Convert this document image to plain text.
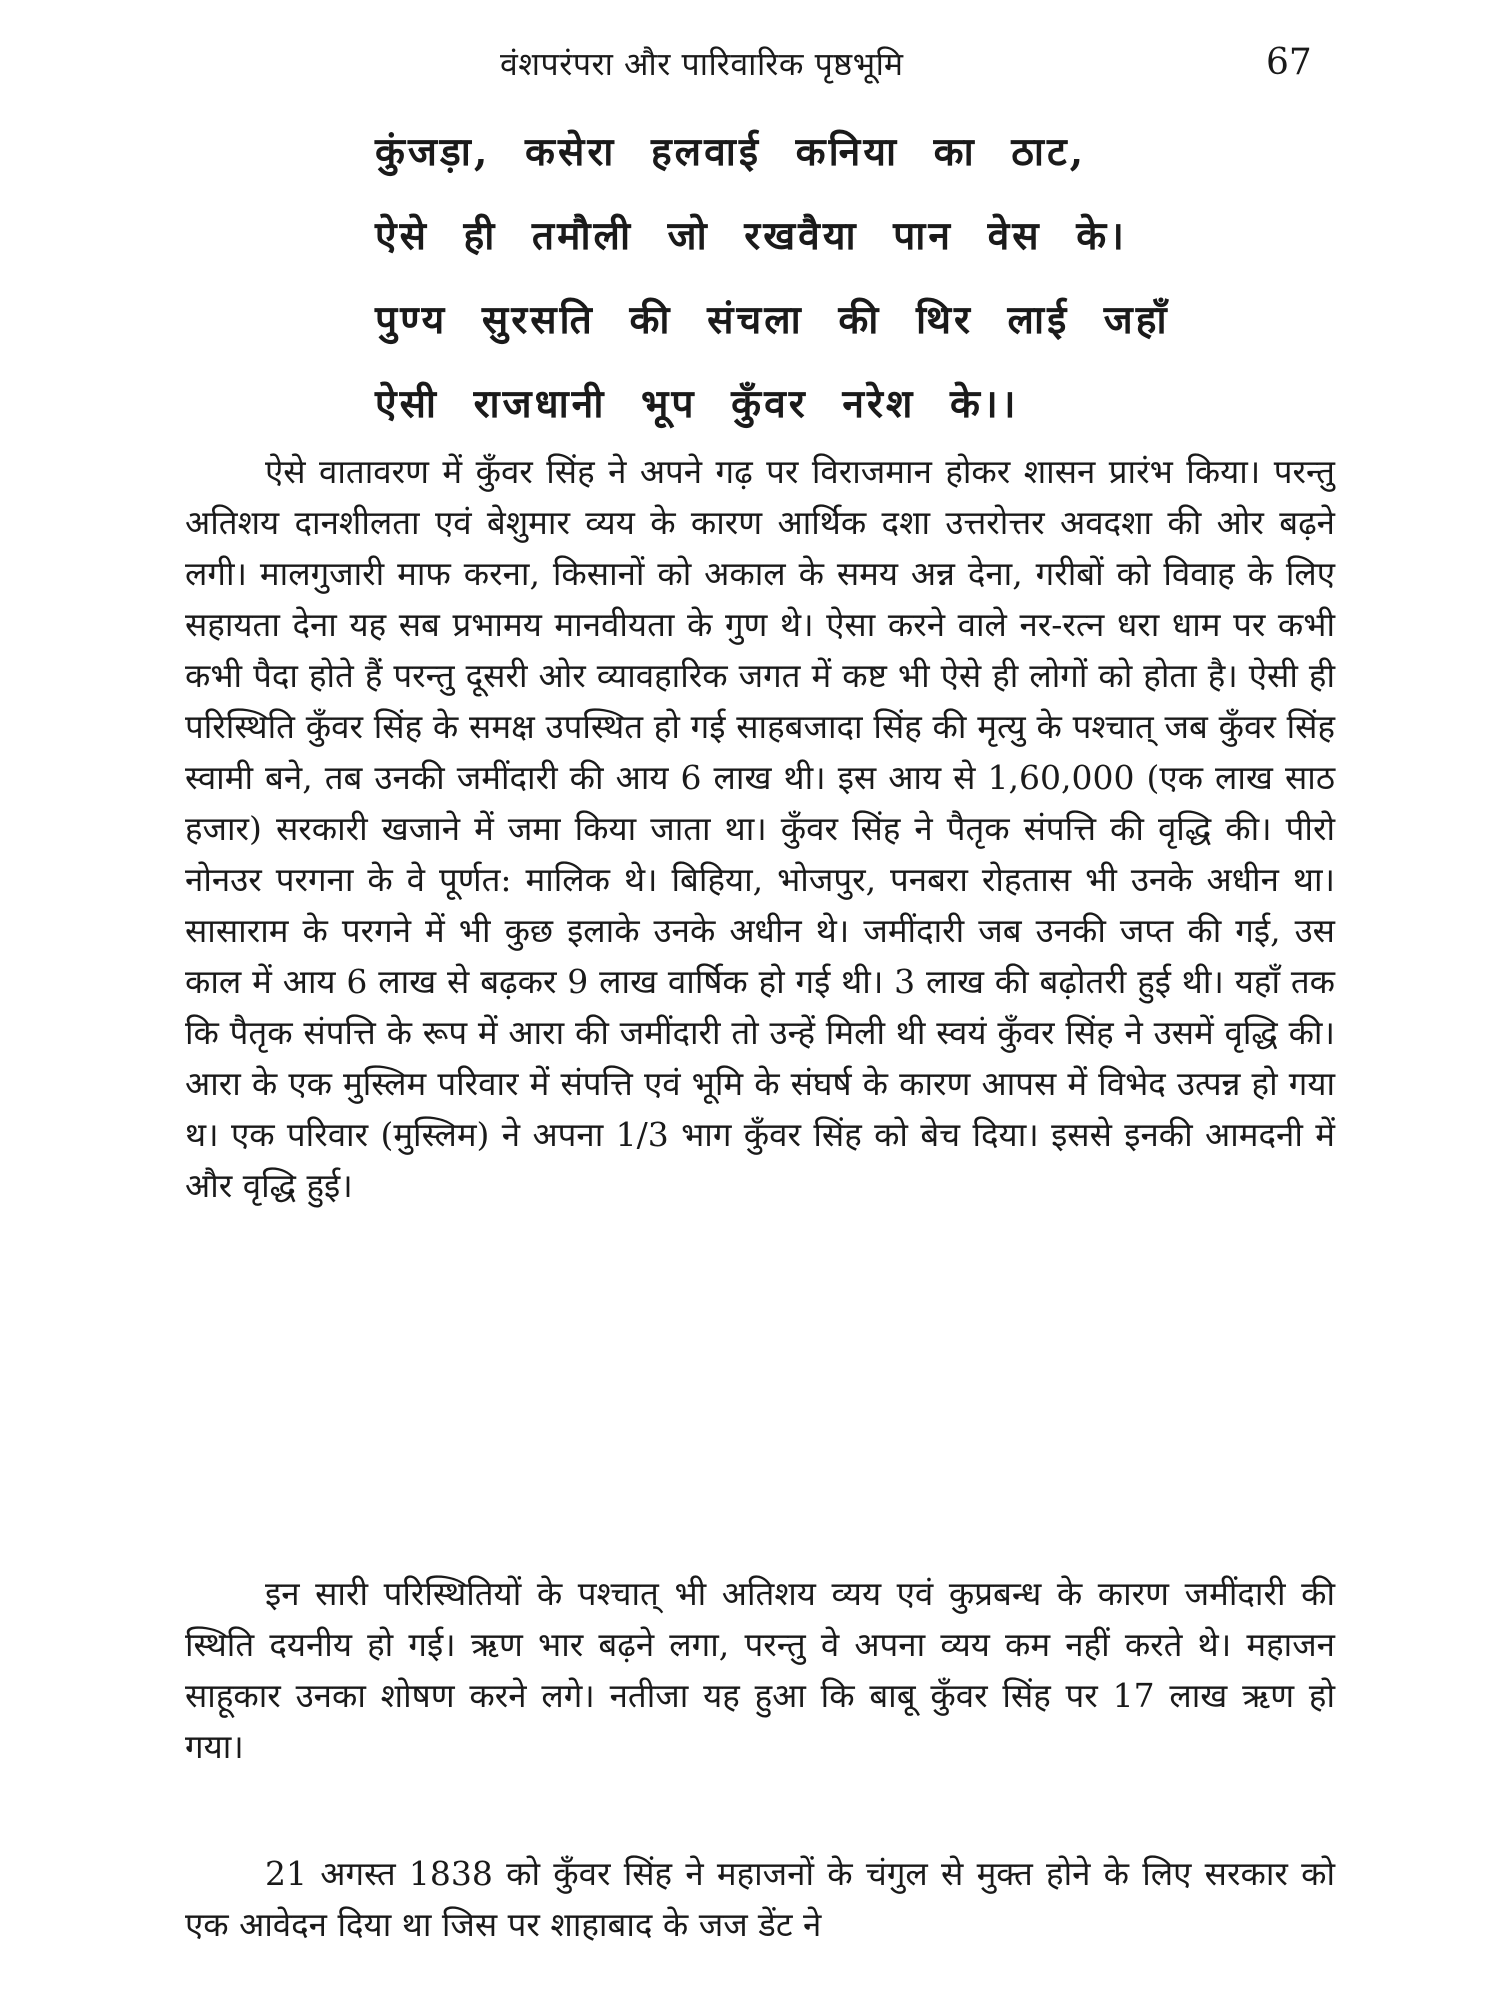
वंशपरंपरा और पारिवारिक पृष्ठभूमि	67
कुंजड़ा, कसेरा हलवाई कनिया का ठाट,
ऐसे ही तमौली जो रखवैया पान वेस के।
पुण्य सुरसति की संचला की थिर लाई जहाँ
ऐसी राजधानी भूप कुँवर नरेश के।।

ऐसे वातावरण में कुँवर सिंह ने अपने गढ़ पर विराजमान होकर शासन प्रारंभ किया। परन्तु अतिशय दानशीलता एवं बेशुमार व्यय के कारण आर्थिक दशा उत्तरोत्तर अवदशा की ओर बढ़ने लगी। मालगुजारी माफ करना, किसानों को अकाल के समय अन्न देना, गरीबों को विवाह के लिए सहायता देना यह सब प्रभामय मानवीयता के गुण थे। ऐसा करने वाले नर-रत्न धरा धाम पर कभी कभी पैदा होते हैं परन्तु दूसरी ओर व्यावहारिक जगत में कष्ट भी ऐसे ही लोगों को होता है। ऐसी ही परिस्थिति कुँवर सिंह के समक्ष उपस्थित हो गई साहबजादा सिंह की मृत्यु के पश्चात् जब कुँवर सिंह स्वामी बने, तब उनकी जमींदारी की आय 6 लाख थी। इस आय से 1,60,000 (एक लाख साठ हजार) सरकारी खजाने में जमा किया जाता था। कुँवर सिंह ने पैतृक संपत्ति की वृद्धि की। पीरो नोनउर परगना के वे पूर्णत: मालिक थे। बिहिया, भोजपुर, पनबरा रोहतास भी उनके अधीन था। सासाराम के परगने में भी कुछ इलाके उनके अधीन थे। जमींदारी जब उनकी जप्त की गई, उस काल में आय 6 लाख से बढ़कर 9 लाख वार्षिक हो गई थी। 3 लाख की बढ़ोतरी हुई थी। यहाँ तक कि पैतृक संपत्ति के रूप में आरा की जमींदारी तो उन्हें मिली थी स्वयं कुँवर सिंह ने उसमें वृद्धि की। आरा के एक मुस्लिम परिवार में संपत्ति एवं भूमि के संघर्ष के कारण आपस में विभेद उत्पन्न हो गया थ। एक परिवार (मुस्लिम) ने अपना 1/3 भाग कुँवर सिंह को बेच दिया। इससे इनकी आमदनी में और वृद्धि हुई।

इन सारी परिस्थितियों के पश्चात् भी अतिशय व्यय एवं कुप्रबन्ध के कारण जमींदारी की स्थिति दयनीय हो गई। ऋण भार बढ़ने लगा, परन्तु वे अपना व्यय कम नहीं करते थे। महाजन साहूकार उनका शोषण करने लगे। नतीजा यह हुआ कि बाबू कुँवर सिंह पर 17 लाख ऋण हो गया।

21 अगस्त 1838 को कुँवर सिंह ने महाजनों के चंगुल से मुक्त होने के लिए सरकार को एक आवेदन दिया था जिस पर शाहाबाद के जज डेंट ने
